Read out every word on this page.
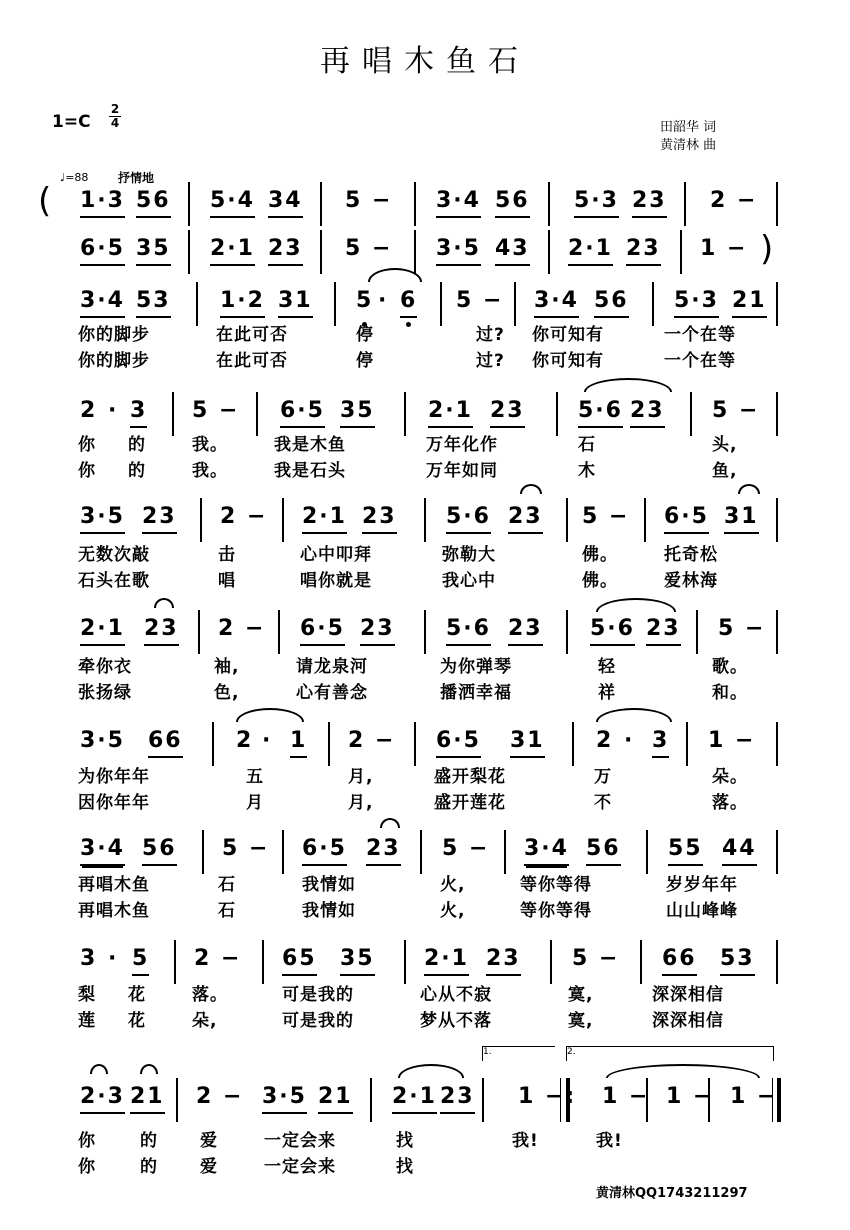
再唱木鱼石
1=C
2
4	田韶华 词
黄清林 曲
♩=88 抒情地
(
)
1·3 56 5·4 34 5 − 3·4 56 5·3 23 2 −
6·5 35 2·1 23 5 − 3·5 43 2·1 23 1 −
3·4 53 1·2 31 5 · 6 5 − 3·4 56 5·3 21
你的脚步	在此可否	停	过? 你可知有	一个在等
你的脚步	在此可否	停	过? 你可知有	一个在等
2 · 3 5 − 6·5 35 2·1 23 5·6 23 5 −
你 的	我。	我是木鱼	万年化作	石	头,
你 的	我。	我是石头	万年如同	木	鱼,
3·5 23 2 − 2·1 23 5·6 23 5 − 6·5 31
无数次敲	击	心中叩拜	弥勒大	佛。	托奇松
石头在歌	唱	唱你就是	我心中	佛。	爱林海
2·1 23 2 − 6·5 23 5·6 23 5·6 23 5 −
牵你衣	袖,	请龙泉河	为你弹琴	轻	歌。
张扬绿	色,	心有善念	播洒幸福	祥	和。
3·5 66 2 · 1 2 − 6·5 31 2 · 3 1 −
为你年年	五	月,	盛开梨花	万	朵。
因你年年	月	月,	盛开莲花	不	落。
3·4 56 5 − 6·5 23 5 − 3·4 56 55 44
再唱木鱼	石	我情如	火,	等你等得	岁岁年年
再唱木鱼	石	我情如	火,	等你等得	山山峰峰
3 · 5 2 − 65 35 2·1 23 5 − 66 53
梨 花	落。	可是我的	心从不寂	寞,	深深相信
莲 花	朵,	可是我的	梦从不落	寞,	深深相信
1.	2.
2·3 21 2 − 3·5 21 2·1 23 1 −: 1 − 1 − 1 −
你	的 爱	一定会来	找	我!	我!
你	的 爱	一定会来	找
黄清林QQ1743211297
